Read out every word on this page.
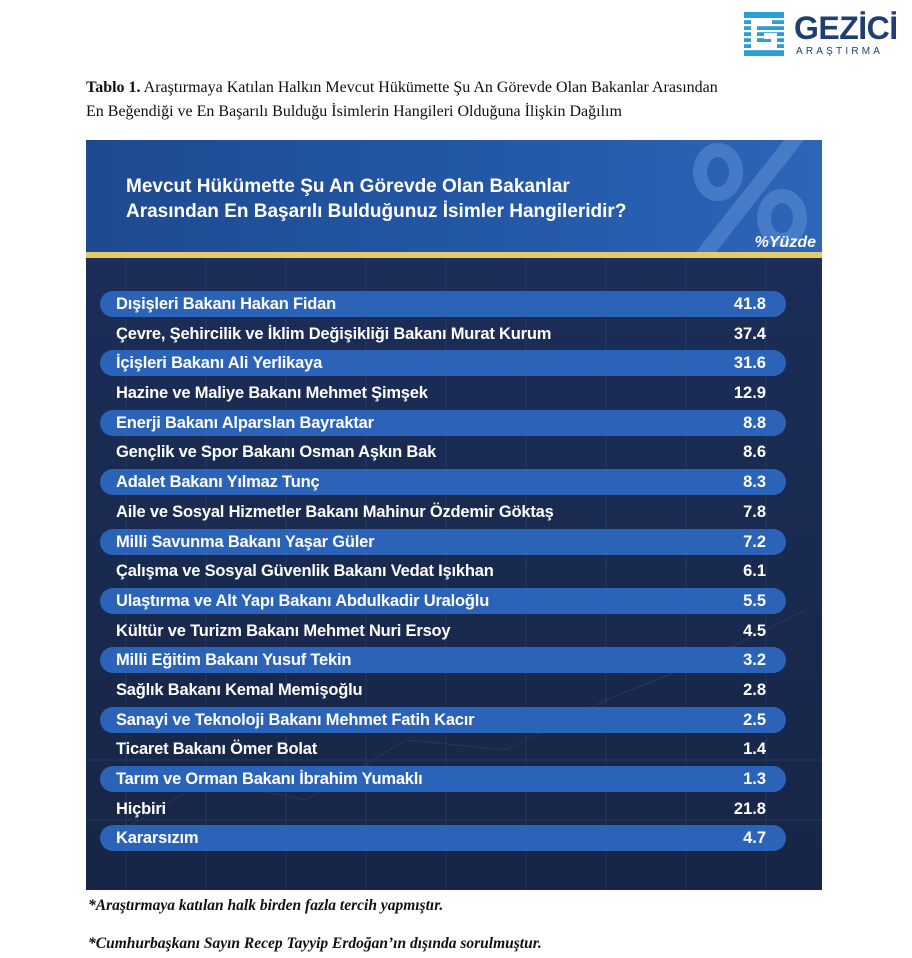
GEZİCİ
ARAŞTIRMA
Tablo 1. Araştırmaya Katılan Halkın Mevcut Hükümette Şu An Görevde Olan Bakanlar Arasından
En Beğendiği ve En Başarılı Bulduğu İsimlerin Hangileri Olduğuna İlişkin Dağılım
Mevcut Hükümette Şu An Görevde Olan Bakanlar
Arasından En Başarılı Bulduğunuz İsimler Hangileridir?
%Yüzde
Dışişleri Bakanı Hakan Fidan	41.8
Çevre, Şehircilik ve İklim Değişikliği Bakanı Murat Kurum	37.4
İçişleri Bakanı Ali Yerlikaya	31.6
Hazine ve Maliye Bakanı Mehmet Şimşek	12.9
Enerji Bakanı Alparslan Bayraktar	8.8
Gençlik ve Spor Bakanı Osman Aşkın Bak	8.6
Adalet Bakanı Yılmaz Tunç	8.3
Aile ve Sosyal Hizmetler Bakanı Mahinur Özdemir Göktaş	7.8
Milli Savunma Bakanı Yaşar Güler	7.2
Çalışma ve Sosyal Güvenlik Bakanı Vedat Işıkhan	6.1
Ulaştırma ve Alt Yapı Bakanı Abdulkadir Uraloğlu	5.5
Kültür ve Turizm Bakanı Mehmet Nuri Ersoy	4.5
Milli Eğitim Bakanı Yusuf Tekin	3.2
Sağlık Bakanı Kemal Memişoğlu	2.8
Sanayi ve Teknoloji Bakanı Mehmet Fatih Kacır	2.5
Ticaret Bakanı Ömer Bolat	1.4
Tarım ve Orman Bakanı İbrahim Yumaklı	1.3
Hiçbiri	21.8
Kararsızım	4.7
*Araştırmaya katılan halk birden fazla tercih yapmıştır.
*Cumhurbaşkanı Sayın Recep Tayyip Erdoğan’ın dışında sorulmuştur.
